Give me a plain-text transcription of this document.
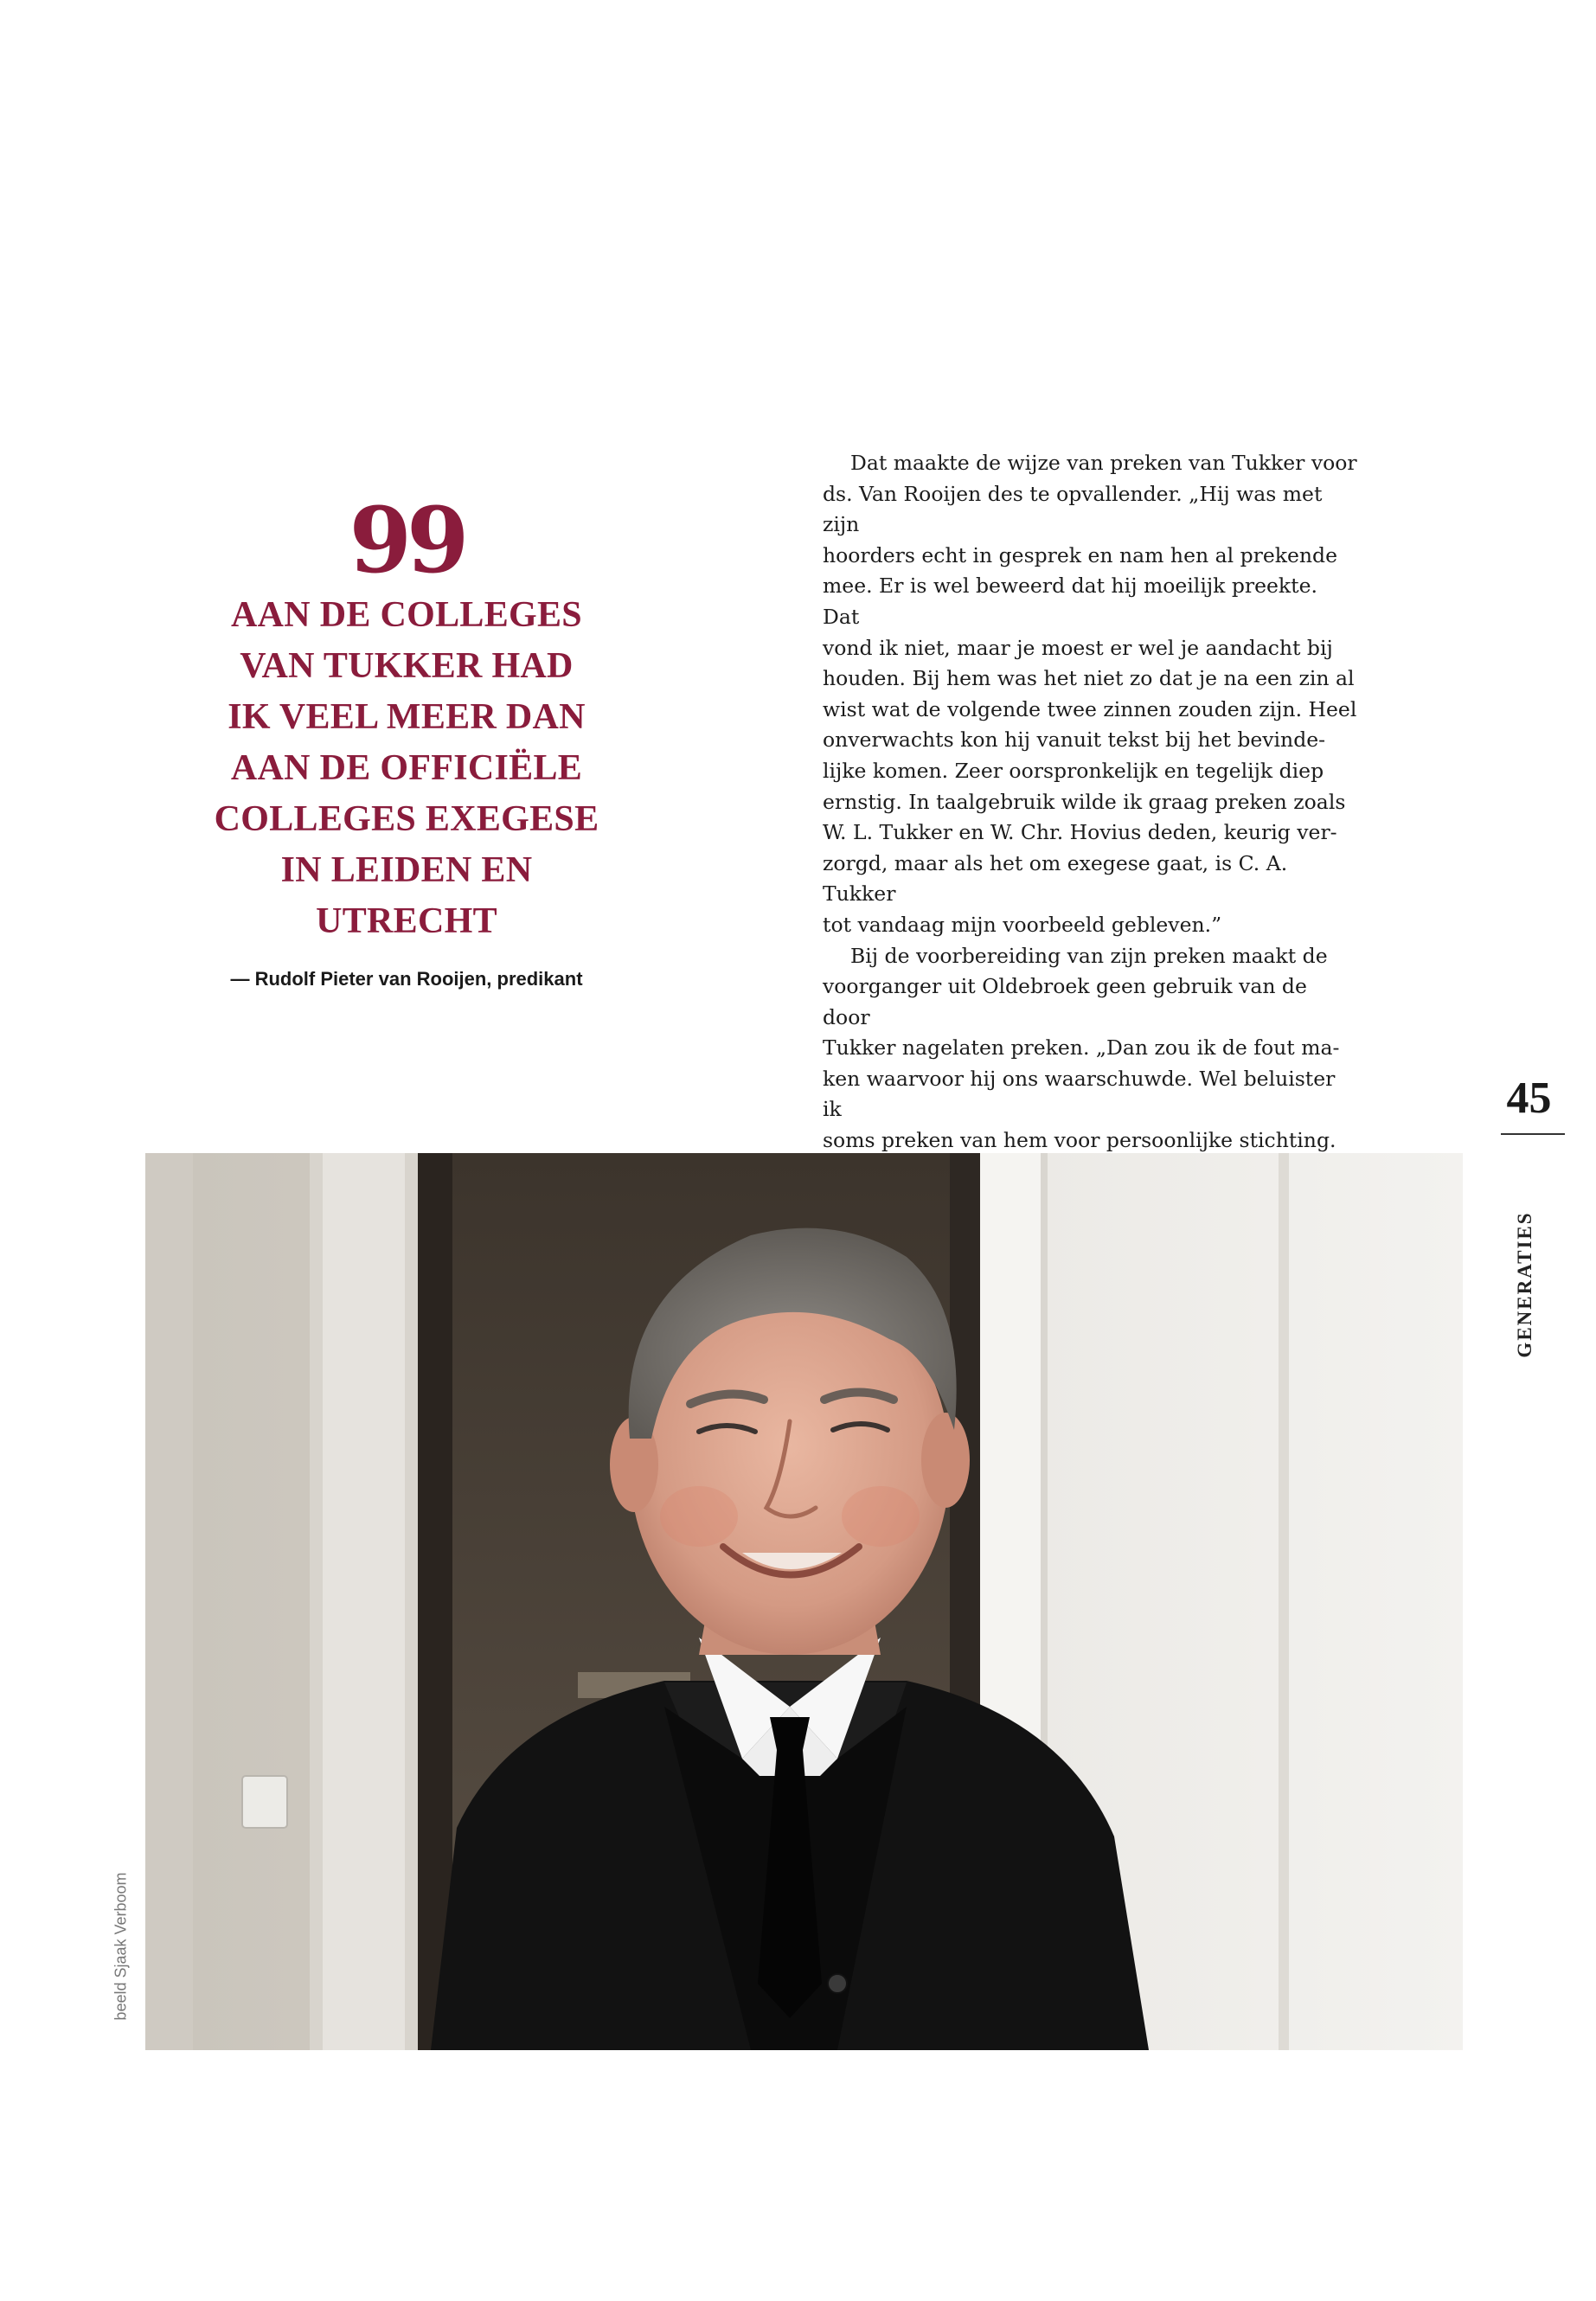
99
AAN DE COLLEGES
VAN TUKKER HAD
IK VEEL MEER DAN
AAN DE OFFICIËLE
COLLEGES EXEGESE
IN LEIDEN EN
UTRECHT
— Rudolf Pieter van Rooijen, predikant
Dat maakte de wijze van preken van Tukker voor
ds. Van Rooijen des te opvallender. „Hij was met zijn
hoorders echt in gesprek en nam hen al prekende
mee. Er is wel beweerd dat hij moeilijk preekte. Dat
vond ik niet, maar je moest er wel je aandacht bij
houden. Bij hem was het niet zo dat je na een zin al
wist wat de volgende twee zinnen zouden zijn. Heel
onverwachts kon hij vanuit tekst bij het bevinde-
lijke komen. Zeer oorspronkelijk en tegelijk diep
ernstig. In taalgebruik wilde ik graag preken zoals
W. L. Tukker en W. Chr. Hovius deden, keurig ver-
zorgd, maar als het om exegese gaat, is C. A. Tukker
tot vandaag mijn voorbeeld gebleven.”
Bij de voorbereiding van zijn preken maakt de
voorganger uit Oldebroek geen gebruik van de door
Tukker nagelaten preken. „Dan zou ik de fout ma-
ken waarvoor hij ons waarschuwde. Wel beluister ik
soms preken van hem voor persoonlijke stichting.

45
GENERATIES
beeld Sjaak Verboom
